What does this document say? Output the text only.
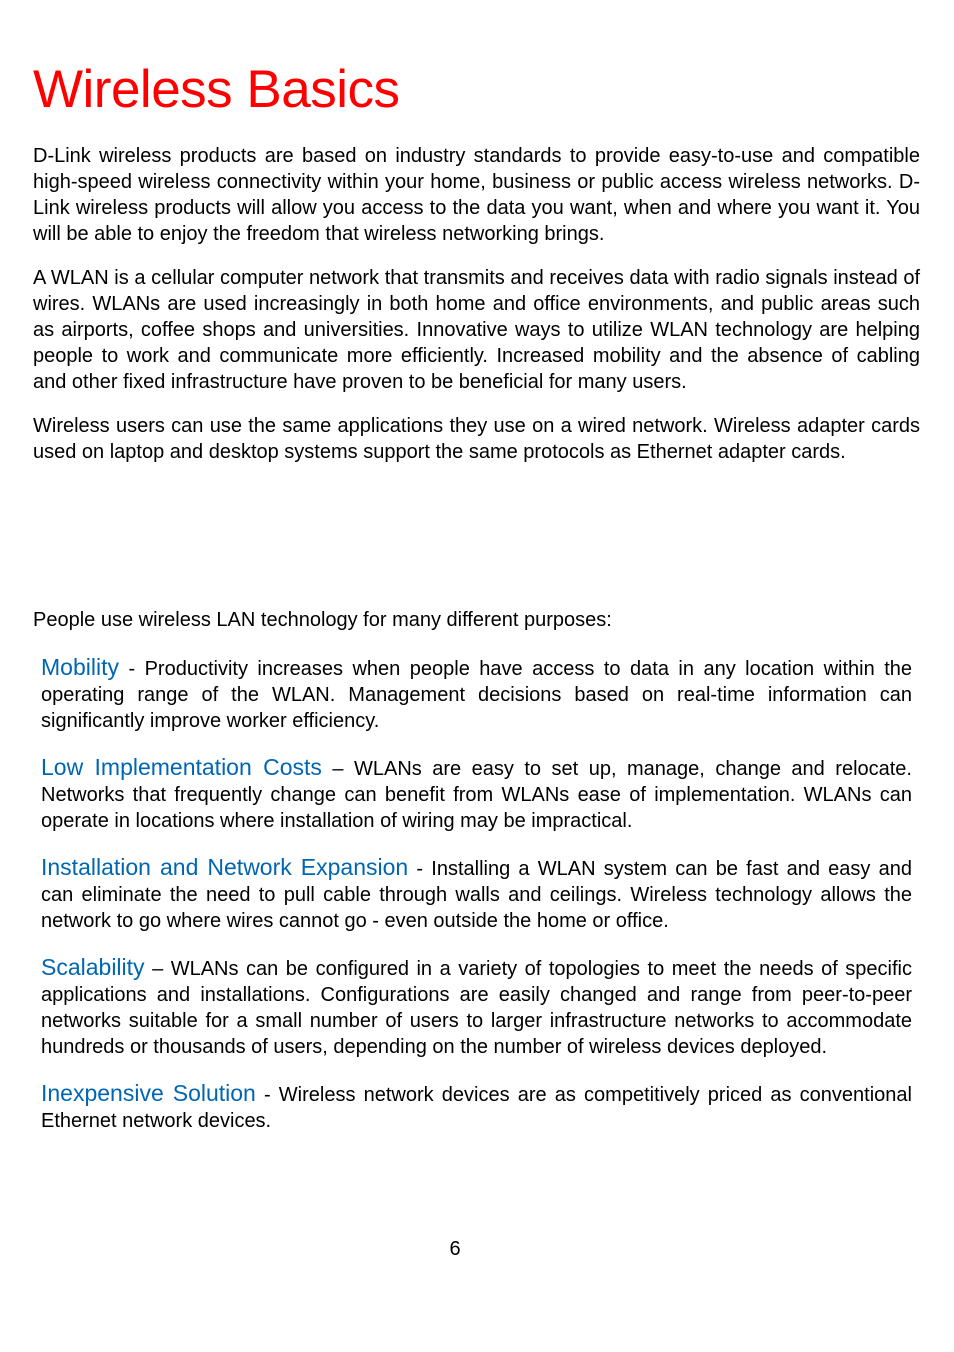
Wireless Basics

D-Link wireless products are based on industry standards to provide easy-to-use and compatible high-speed wireless connectivity within your home, business or public access wireless networks. D-Link wireless products will allow you access to the data you want, when and where you want it. You will be able to enjoy the freedom that wireless networking brings.

A WLAN is a cellular computer network that transmits and receives data with radio signals instead of wires. WLANs are used increasingly in both home and office environments, and public areas such as airports, coffee shops and universities. Innovative ways to utilize WLAN technology are helping people to work and communicate more efficiently. Increased mobility and the absence of cabling and other fixed infrastructure have proven to be beneficial for many users.

Wireless users can use the same applications they use on a wired network. Wireless adapter cards used on laptop and desktop systems support the same protocols as Ethernet adapter cards.

People use wireless LAN technology for many different purposes:

Mobility - Productivity increases when people have access to data in any location within the operating range of the WLAN. Management decisions based on real-time information can significantly improve worker efficiency.

Low Implementation Costs – WLANs are easy to set up, manage, change and relocate. Networks that frequently change can benefit from WLANs ease of implementation. WLANs can operate in locations where installation of wiring may be impractical.

Installation and Network Expansion - Installing a WLAN system can be fast and easy and can eliminate the need to pull cable through walls and ceilings. Wireless technology allows the network to go where wires cannot go - even outside the home or office.

Scalability – WLANs can be configured in a variety of topologies to meet the needs of specific applications and installations. Configurations are easily changed and range from peer-to-peer networks suitable for a small number of users to larger infrastructure networks to accommodate hundreds or thousands of users, depending on the number of wireless devices deployed.

Inexpensive Solution - Wireless network devices are as competitively priced as conventional Ethernet network devices.

6
